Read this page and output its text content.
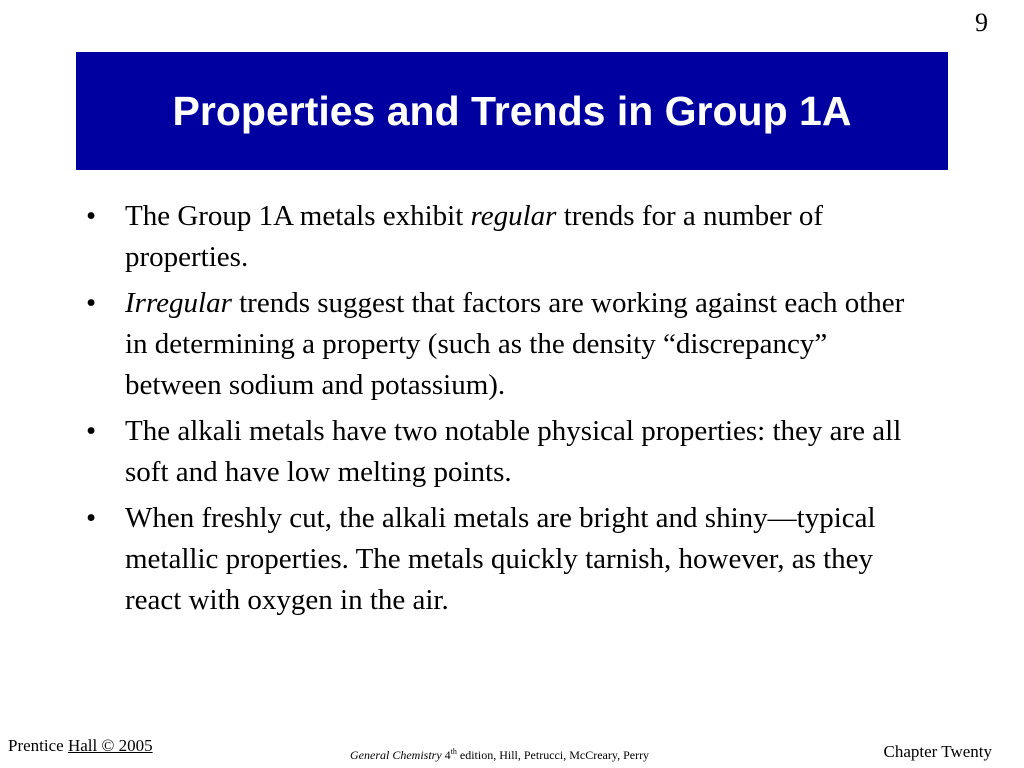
9
Properties and Trends in Group 1A
• The Group 1A metals exhibit regular trends for a number of properties.
• Irregular trends suggest that factors are working against each other in determining a property (such as the density “discrepancy” between sodium and potassium).
• The alkali metals have two notable physical properties: they are all soft and have low melting points.
• When freshly cut, the alkali metals are bright and shiny—typical metallic properties. The metals quickly tarnish, however, as they react with oxygen in the air.
Prentice Hall © 2005	General Chemistry 4th edition, Hill, Petrucci, McCreary, Perry	Chapter Twenty
